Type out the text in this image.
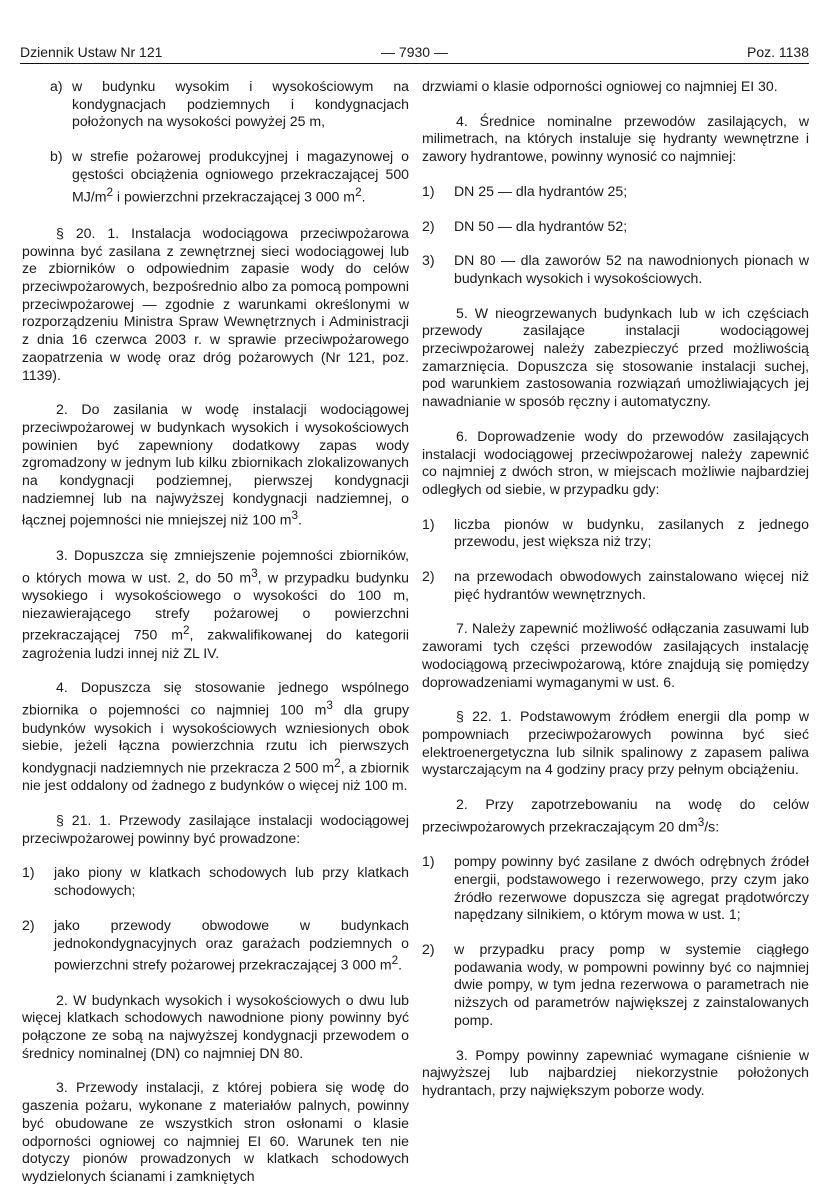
Dziennik Ustaw Nr 121	— 7930 —	Poz. 1138
a) w budynku wysokim i wysokościowym na kondygnacjach podziemnych i kondygnacjach położonych na wysokości powyżej 25 m,
b) w strefie pożarowej produkcyjnej i magazynowej o gęstości obciążenia ogniowego przekraczającej 500 $MJ/m^2$ i powierzchni przekraczającej 3 000 $m^2$.

§ 20. 1. Instalacja wodociągowa przeciwpożarowa powinna być zasilana z zewnętrznej sieci wodociągowej lub ze zbiorników o odpowiednim zapasie wody do celów przeciwpożarowych, bezpośrednio albo za pomocą pompowni przeciwpożarowej — zgodnie z warunkami określonymi w rozporządzeniu Ministra Spraw Wewnętrznych i Administracji z dnia 16 czerwca 2003 r. w sprawie przeciwpożarowego zaopatrzenia w wodę oraz dróg pożarowych (Nr 121, poz. 1139).

2. Do zasilania w wodę instalacji wodociągowej przeciwpożarowej w budynkach wysokich i wysokościowych powinien być zapewniony dodatkowy zapas wody zgromadzony w jednym lub kilku zbiornikach zlokalizowanych na kondygnacji podziemnej, pierwszej kondygnacji nadziemnej lub na najwyższej kondygnacji nadziemnej, o łącznej pojemności nie mniejszej niż 100 $m^3$.

3. Dopuszcza się zmniejszenie pojemności zbiorników, o których mowa w ust. 2, do 50 $m^3$, w przypadku budynku wysokiego i wysokościowego o wysokości do 100 m, niezawierającego strefy pożarowej o powierzchni przekraczającej 750 $m^2$, zakwalifikowanej do kategorii zagrożenia ludzi innej niż ZL IV.

4. Dopuszcza się stosowanie jednego wspólnego zbiornika o pojemności co najmniej 100 $m^3$ dla grupy budynków wysokich i wysokościowych wzniesionych obok siebie, jeżeli łączna powierzchnia rzutu ich pierwszych kondygnacji nadziemnych nie przekracza 2 500 $m^2$, a zbiornik nie jest oddalony od żadnego z budynków o więcej niż 100 m.

§ 21. 1. Przewody zasilające instalacji wodociągowej przeciwpożarowej powinny być prowadzone:

1)	jako piony w klatkach schodowych lub przy klatkach schodowych;
2)	jako przewody obwodowe w budynkach jednokondygnacyjnych oraz garażach podziemnych o powierzchni strefy pożarowej przekraczającej 3 000 $m^2$.

2. W budynkach wysokich i wysokościowych o dwu lub więcej klatkach schodowych nawodnione piony powinny być połączone ze sobą na najwyższej kondygnacji przewodem o średnicy nominalnej (DN) co najmniej DN 80.

3. Przewody instalacji, z której pobiera się wodę do gaszenia pożaru, wykonane z materiałów palnych, powinny być obudowane ze wszystkich stron osłonami o klasie odporności ogniowej co najmniej EI 60. Warunek ten nie dotyczy pionów prowadzonych w klatkach schodowych wydzielonych ścianami i zamkniętych

drzwiami o klasie odporności ogniowej co najmniej EI 30.

4. Średnice nominalne przewodów zasilających, w milimetrach, na których instaluje się hydranty wewnętrzne i zawory hydrantowe, powinny wynosić co najmniej:

1)	DN 25 — dla hydrantów 25;
2)	DN 50 — dla hydrantów 52;
3)	DN 80 — dla zaworów 52 na nawodnionych pionach w budynkach wysokich i wysokościowych.

5. W nieogrzewanych budynkach lub w ich częściach przewody zasilające instalacji wodociągowej przeciwpożarowej należy zabezpieczyć przed możliwością zamarznięcia. Dopuszcza się stosowanie instalacji suchej, pod warunkiem zastosowania rozwiązań umożliwiających jej nawadnianie w sposób ręczny i automatyczny.

6. Doprowadzenie wody do przewodów zasilających instalacji wodociągowej przeciwpożarowej należy zapewnić co najmniej z dwóch stron, w miejscach możliwie najbardziej odległych od siebie, w przypadku gdy:

1)	liczba pionów w budynku, zasilanych z jednego przewodu, jest większa niż trzy;
2)	na przewodach obwodowych zainstalowano więcej niż pięć hydrantów wewnętrznych.

7. Należy zapewnić możliwość odłączania zasuwami lub zaworami tych części przewodów zasilających instalację wodociągową przeciwpożarową, które znajdują się pomiędzy doprowadzeniami wymaganymi w ust. 6.

§ 22. 1. Podstawowym źródłem energii dla pomp w pompowniach przeciwpożarowych powinna być sieć elektroenergetyczna lub silnik spalinowy z zapasem paliwa wystarczającym na 4 godziny pracy przy pełnym obciążeniu.

2. Przy zapotrzebowaniu na wodę do celów przeciwpożarowych przekraczającym 20 $dm^3/s$:

1)	pompy powinny być zasilane z dwóch odrębnych źródeł energii, podstawowego i rezerwowego, przy czym jako źródło rezerwowe dopuszcza się agregat prądotwórczy napędzany silnikiem, o którym mowa w ust. 1;
2)	w przypadku pracy pomp w systemie ciągłego podawania wody, w pompowni powinny być co najmniej dwie pompy, w tym jedna rezerwowa o parametrach nie niższych od parametrów największej z zainstalowanych pomp.

3. Pompy powinny zapewniać wymagane ciśnienie w najwyższej lub najbardziej niekorzystnie położonych hydrantach, przy największym poborze wody.
